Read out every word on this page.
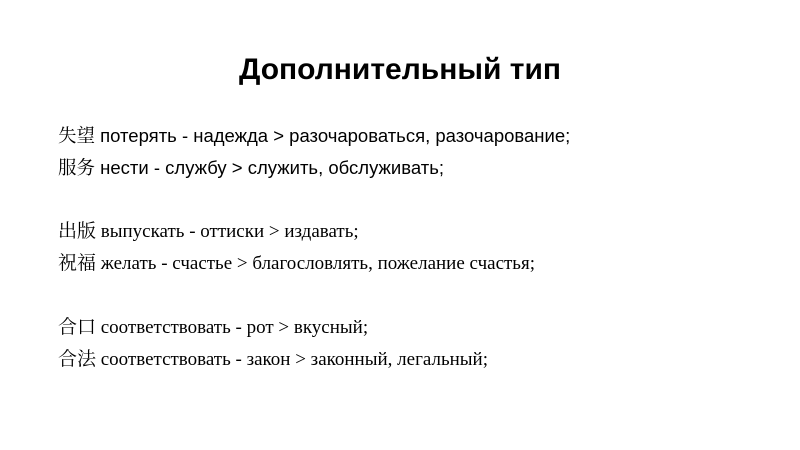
Дополнительный тип
失望 потерять - надежда > разочароваться, разочарование;
服务 нести - службу > служить, обслуживать;
出版 выпускать - оттиски > издавать;
祝福 желать - счастье > благословлять, пожелание счастья;
合口 соответствовать - рот > вкусный;
合法 соответствовать - закон > законный, легальный;
